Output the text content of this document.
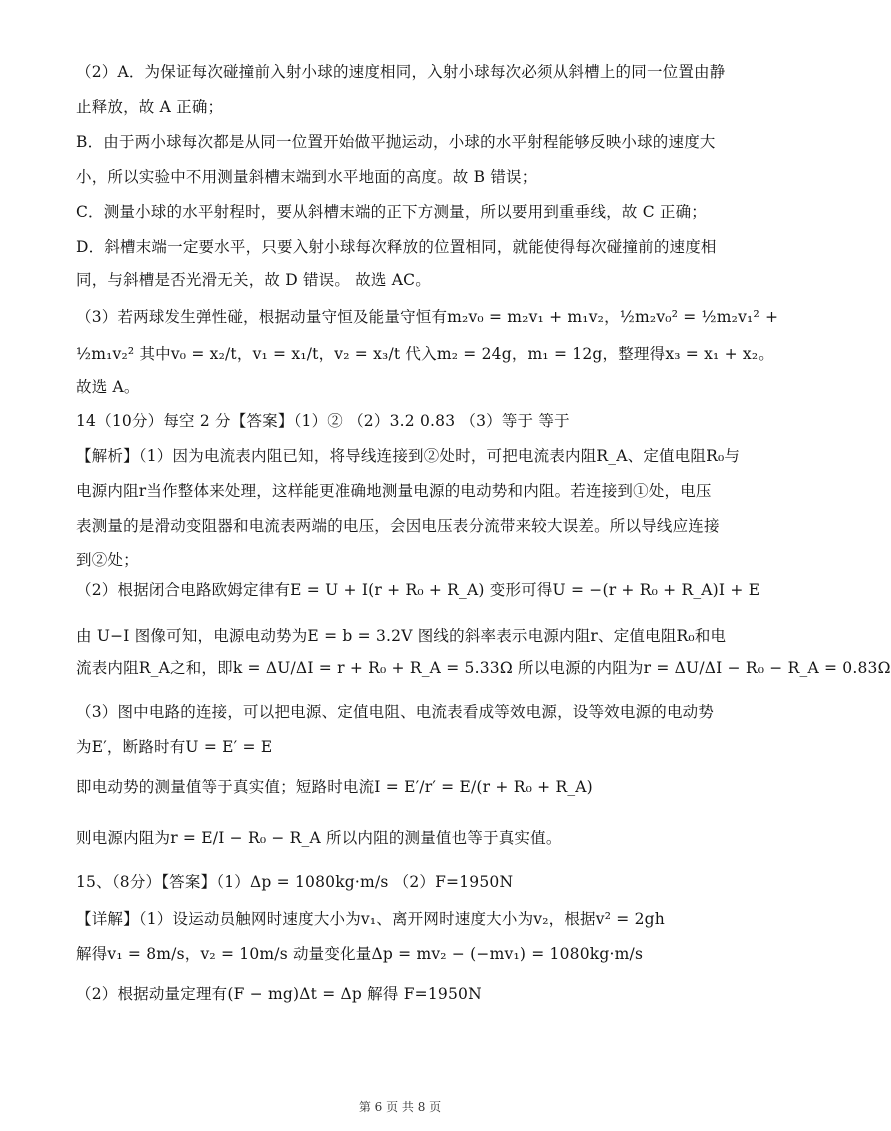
（2）A．为保证每次碰撞前入射小球的速度相同，入射小球每次必须从斜槽上的同一位置由静
止释放，故 A 正确；
B．由于两小球每次都是从同一位置开始做平抛运动，小球的水平射程能够反映小球的速度大
小，所以实验中不用测量斜槽末端到水平地面的高度。故 B 错误；
C．测量小球的水平射程时，要从斜槽末端的正下方测量，所以要用到重垂线，故 C 正确；
D．斜槽末端一定要水平，只要入射小球每次释放的位置相同，就能使得每次碰撞前的速度相
同，与斜槽是否光滑无关，故 D 错误。 故选 AC。
（3）若两球发生弹性碰，根据动量守恒及能量守恒有m₂v₀ = m₂v₁ + m₁v₂，½m₂v₀² = ½m₂v₁² +
½m₁v₂² 其中v₀ = x₂/t，v₁ = x₁/t，v₂ = x₃/t 代入m₂ = 24g，m₁ = 12g，整理得x₃ = x₁ + x₂。
故选 A。
14（10分）每空 2 分【答案】（1）② （2）3.2 0.83 （3）等于 等于
【解析】（1）因为电流表内阻已知，将导线连接到②处时，可把电流表内阻R_A、定值电阻R₀与
电源内阻r当作整体来处理，这样能更准确地测量电源的电动势和内阻。若连接到①处，电压
表测量的是滑动变阻器和电流表两端的电压，会因电压表分流带来较大误差。所以导线应连接
到②处；
（2）根据闭合电路欧姆定律有E = U + I(r + R₀ + R_A) 变形可得U = −(r + R₀ + R_A)I + E
由 U−I 图像可知，电源电动势为E = b = 3.2V 图线的斜率表示电源内阻r、定值电阻R₀和电
流表内阻R_A之和，即k = ΔU/ΔI = r + R₀ + R_A = 5.33Ω 所以电源的内阻为r = ΔU/ΔI − R₀ − R_A = 0.83Ω
（3）图中电路的连接，可以把电源、定值电阻、电流表看成等效电源，设等效电源的电动势
为E′，断路时有U = E′ = E
即电动势的测量值等于真实值；短路时电流I = E′/r′ = E/(r + R₀ + R_A)
则电源内阻为r = E/I − R₀ − R_A 所以内阻的测量值也等于真实值。
15、（8分）【答案】（1）Δp = 1080kg·m/s （2）F=1950N
【详解】（1）设运动员触网时速度大小为v₁、离开网时速度大小为v₂，根据v² = 2gh
解得v₁ = 8m/s，v₂ = 10m/s 动量变化量Δp = mv₂ − (−mv₁) = 1080kg·m/s
（2）根据动量定理有(F − mg)Δt = Δp 解得 F=1950N
第 6 页 共 8 页
